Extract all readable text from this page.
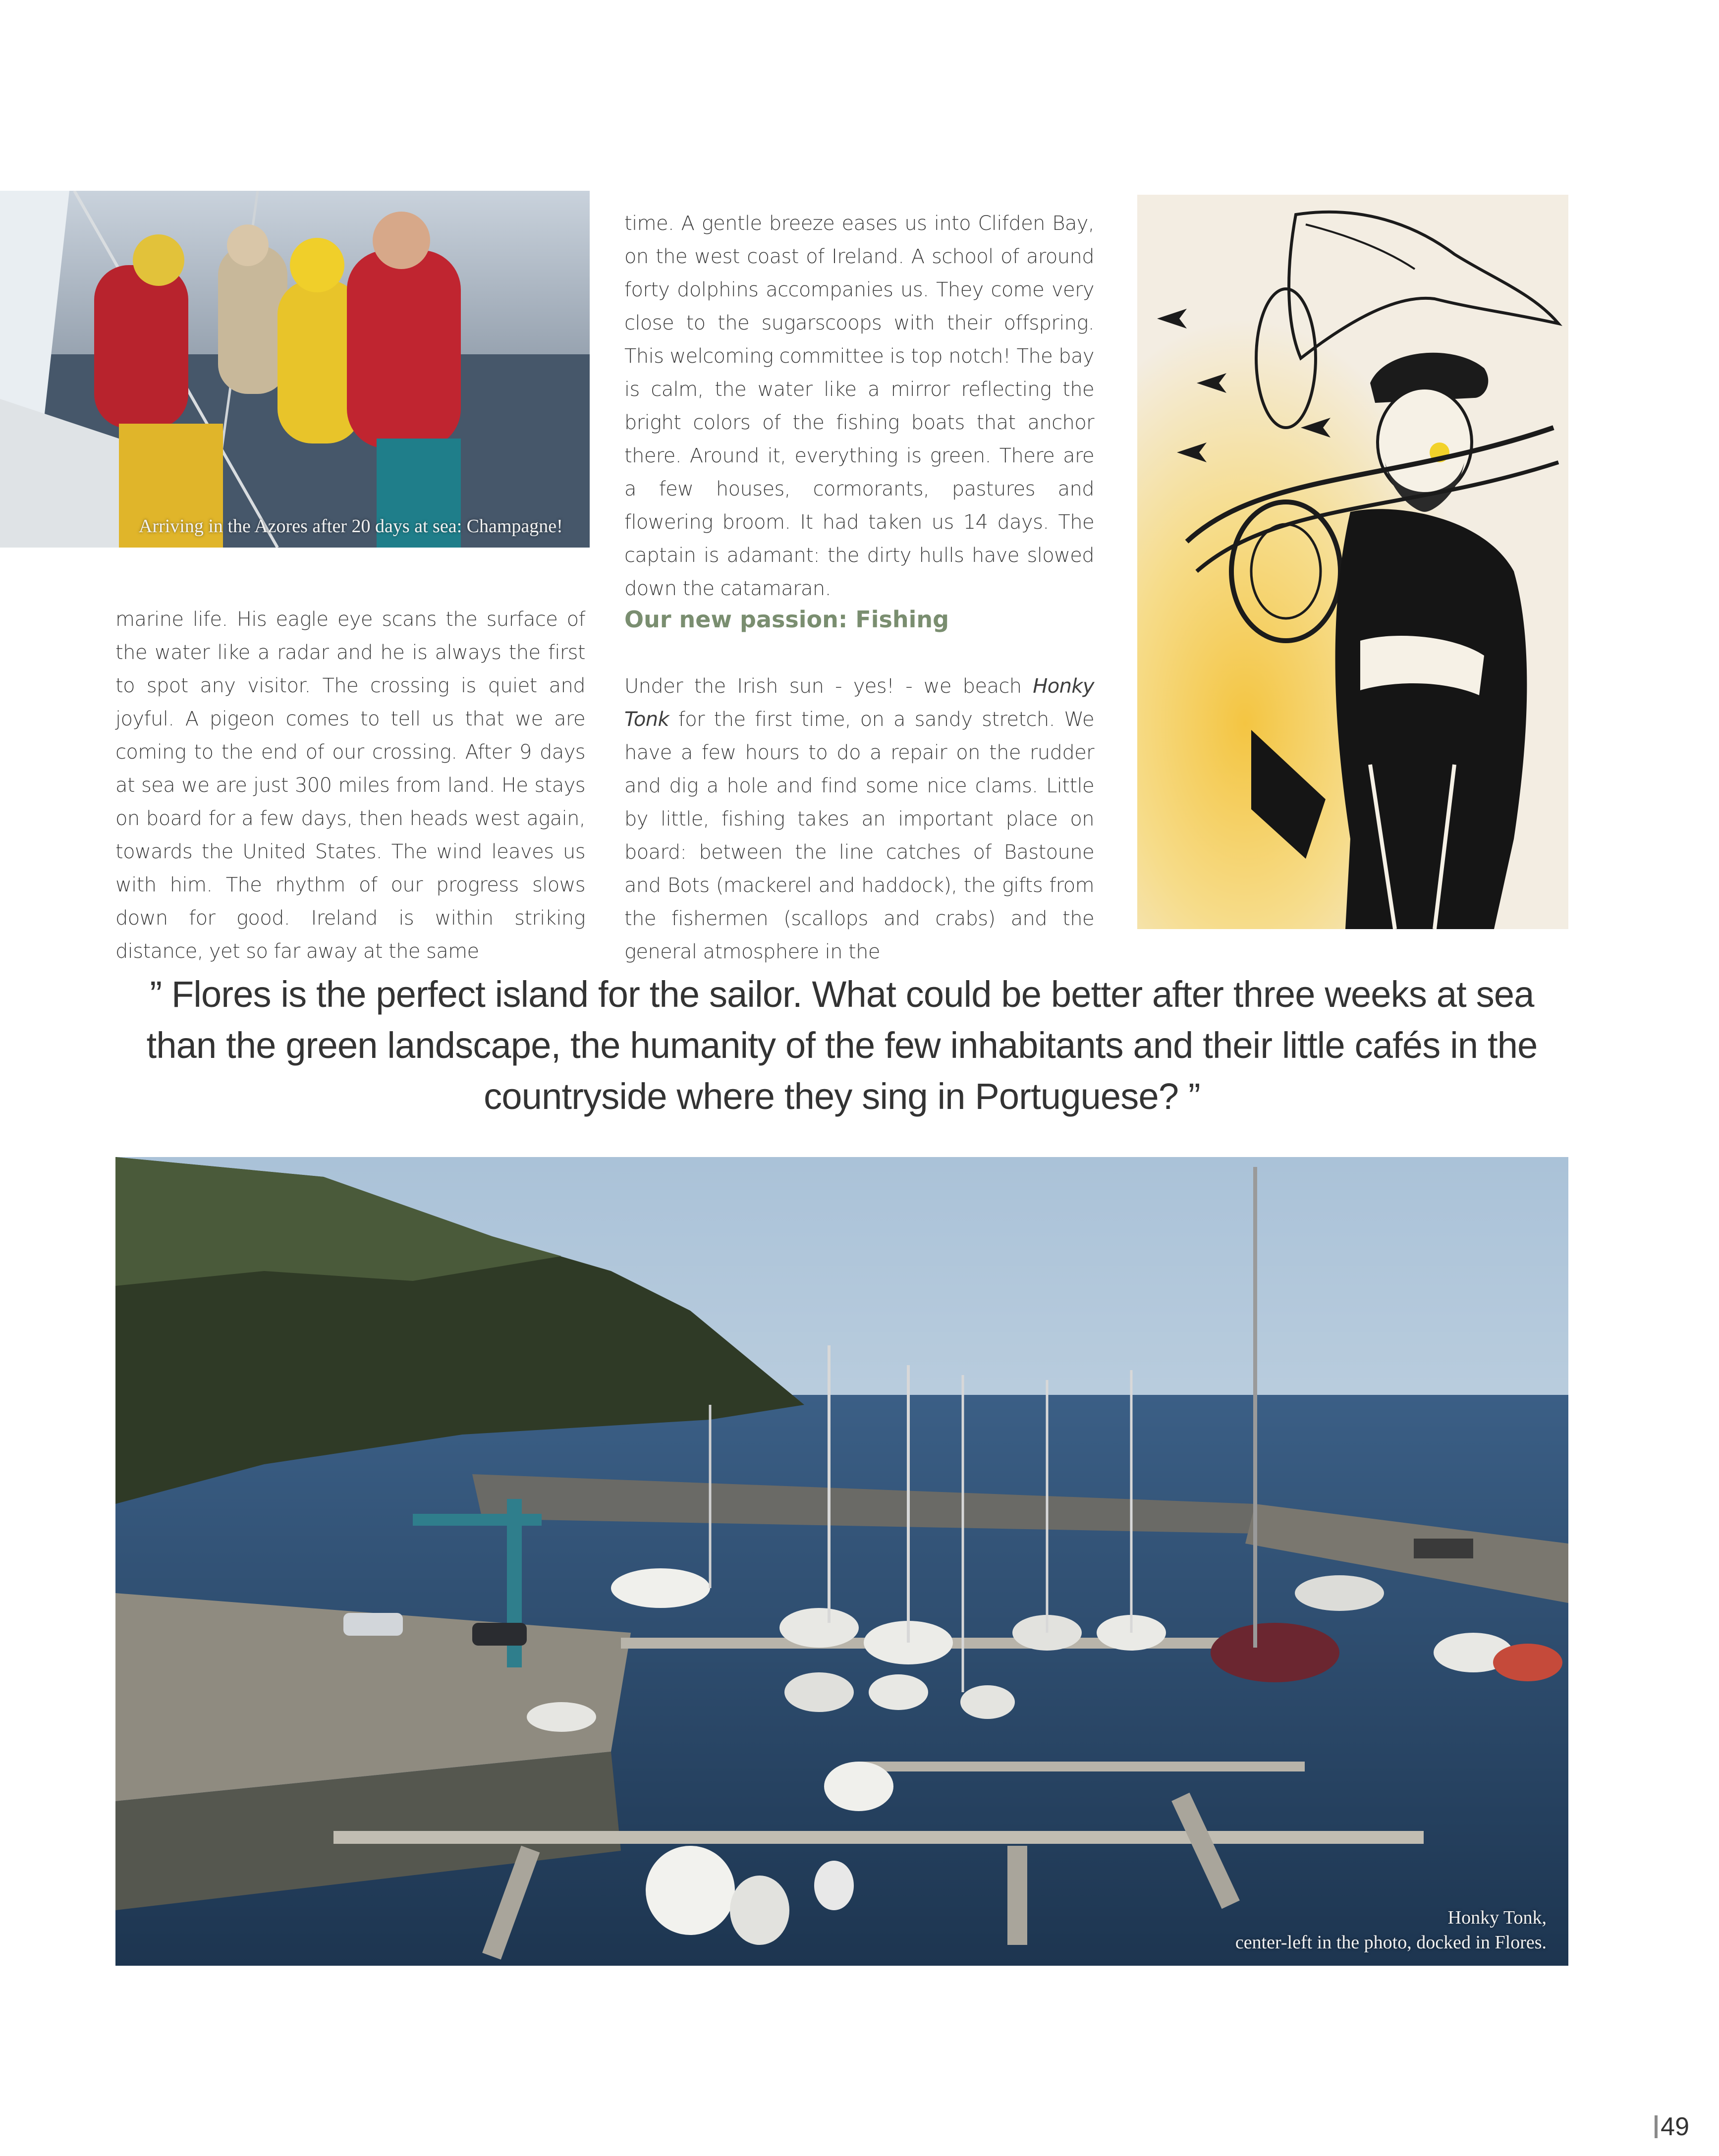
Arriving in the Azores after 20 days at sea: Champagne!

marine life. His eagle eye scans the surface of the water like a radar and he is always the first to spot any visitor. The crossing is quiet and joyful. A pigeon comes to tell us that we are coming to the end of our crossing. After 9 days at sea we are just 300 miles from land. He stays on board for a few days, then heads west again, towards the United States. The wind leaves us with him. The rhythm of our progress slows down for good. Ireland is within striking distance, yet so far away at the same

time. A gentle breeze eases us into Clifden Bay, on the west coast of Ireland. A school of around forty dolphins accompanies us. They come very close to the sugarscoops with their offspring. This welcoming committee is top notch! The bay is calm, the water like a mirror reflecting the bright colors of the fishing boats that anchor there. Around it, everything is green. There are a few houses, cormorants, pastures and flowering broom. It had taken us 14 days. The captain is adamant: the dirty hulls have slowed down the catamaran.

Our new passion: Fishing

Under the Irish sun - yes! - we beach Honky Tonk for the first time, on a sandy stretch. We have a few hours to do a repair on the rudder and dig a hole and find some nice clams. Little by little, fishing takes an important place on board: between the line catches of Bastoune and Bots (mackerel and haddock), the gifts from the fishermen (scallops and crabs) and the general atmosphere in the

” Flores is the perfect island for the sailor. What could be better after three weeks at sea than the green landscape, the humanity of the few inhabitants and their little cafés in the countryside where they sing in Portuguese? ”
Honky Tonk,
center-left in the photo, docked in Flores.
49
